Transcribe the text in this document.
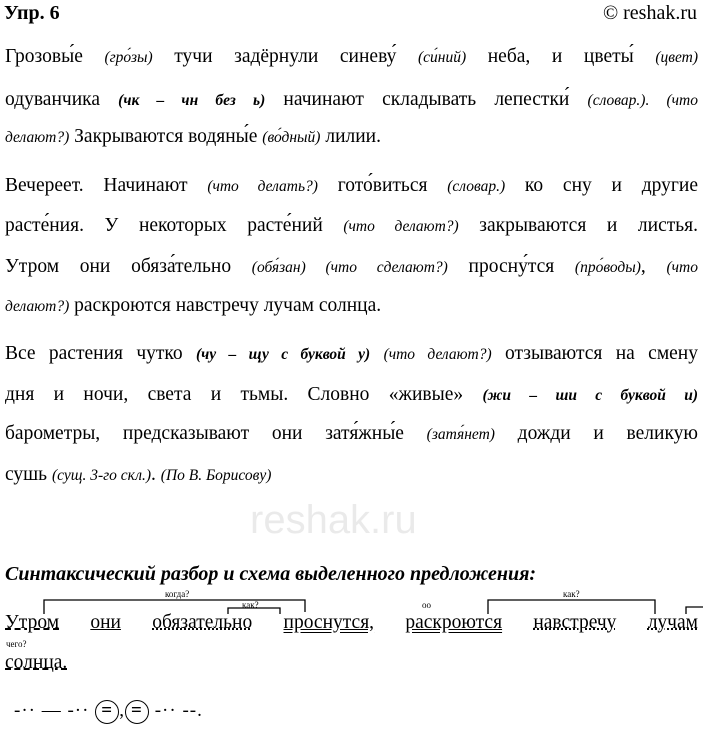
Упр. 6	© reshak.ru
reshak.ru
Грозовы́е (гро́зы) тучи задёрнули синеву́ (си́ний) неба, и цветы́ (цвет)
одуванчика (чк – чн без ь) начинают складывать лепестки́ (словар.). (что
делают?) Закрываются водяны́е (во́дный) лилии.
Вечереет. Начинают (что делать?) гото́виться (словар.) ко сну и другие
расте́ния. У некоторых расте́ний (что делают?) закрываются и листья.
Утром они обяза́тельно (обя́зан) (что сделают?) просну́тся (про́воды), (что
делают?) раскроются навстречу лучам солнца.
Все растения чутко (чу – щу с буквой у) (что делают?) отзываются на смену
дня и ночи, света и тьмы. Словно «живые» (жи – ши с буквой и)
барометры, предсказывают они затя́жны́е (затя́нет) дожди и великую
сушь (сущ. 3-го скл.). (По В. Борисову)
Синтаксический разбор и схема выделенного предложения:
когда?
как?
как?
оо
чего?
Утром они обязательно проснутся, раскроются навстречу лучам
солнца.
-·· — -·· = , = -·· --.
